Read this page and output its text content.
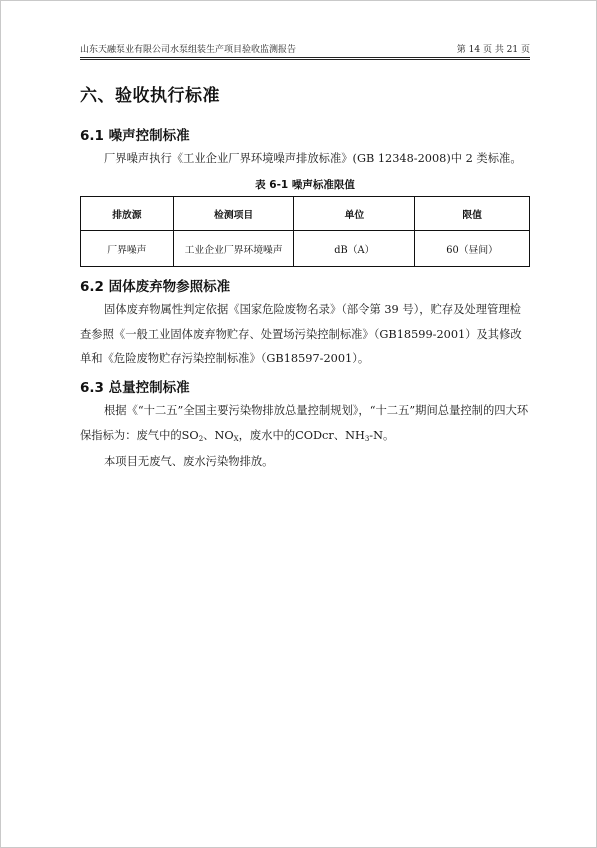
山东天融泵业有限公司水泵组装生产项目验收监测报告	第 14 页 共 21 页
六、验收执行标准
6.1 噪声控制标准
厂界噪声执行《工业企业厂界环境噪声排放标准》(GB 12348-2008)中 2 类标准。
表 6-1 噪声标准限值
排放源	检测项目	单位	限值
厂界噪声	工业企业厂界环境噪声	dB（A）	60（昼间）
6.2 固体废弃物参照标准
固体废弃物属性判定依据《国家危险废物名录》（部令第 39 号），贮存及处理管理检查参照《一般工业固体废弃物贮存、处置场污染控制标准》（GB18599-2001）及其修改单和《危险废物贮存污染控制标准》（GB18597-2001）。
6.3 总量控制标准
根据《“十二五”全国主要污染物排放总量控制规划》，“十二五”期间总量控制的四大环保指标为：废气中的$SO_2$、$NO_X$，废水中的CODcr、$NH_3-N$。
本项目无废气、废水污染物排放。
